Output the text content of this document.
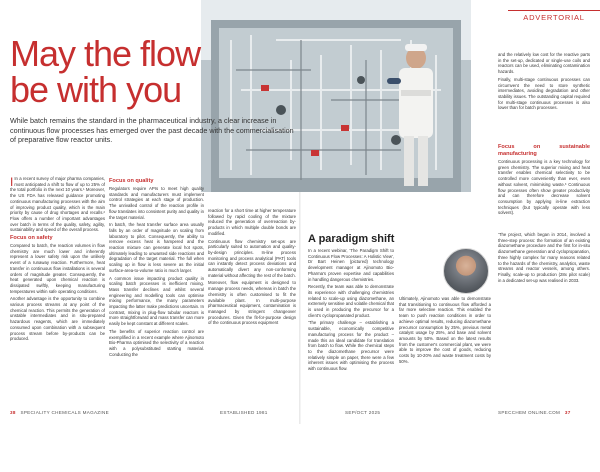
ADVERTORIAL
May the flow be with you

While batch remains the standard in the pharmaceutical industry, a clear increase in continuous flow processes has emerged over the past decade with the commercialisation of preparative flow reactor units.

I In a recent survey of major pharma companies, most anticipated a shift to flow of up to 25% of the total portfolio in the next 10 years.¹ Moreover, the US FDA has released guidance promoting continuous manufacturing processes with the aim of improving product quality, which is the main priority by cause of drug shortages and recalls.² Flow offers a number of important advantages over batch in terms of the quality, safety, agility, sustainability and speed of the overall process.

Focus on safety

Compared to batch, the reaction volumes in flow chemistry are much lower and inherently represent a lower safety risk upon the unlikely event of a runaway reaction. Furthermore, heat transfer in continuous flow installations is several orders of magnitude greater. Consequently, the heat generated upon chemical reaction is dissipated swiftly, keeping manufacturing temperatures within safe operating conditions.

Another advantage is the opportunity to combine various process streams at any point of the chemical reaction. This permits the generation of unstable intermediates and in situ-prepared hazardous reagents, which are immediately consumed upon combination with a subsequent process stream before by-products can be produced.

Focus on quality

Regulators require APIs to meet high quality standards and manufacturers must implement control strategies at each stage of production. The unrivalled control of the reaction profile in flow translates into consistent purity and quality in the target material.

In batch, the heat transfer surface area usually falls by an order of magnitude on scaling from laboratory to pilot. Consequently, the ability to remove excess heat is hampered and the reaction mixture can generate local hot spots, ultimately leading to unwanted side reactions and degradation of the target material. The full when scaling up in flow is less severe as the initial surface-area-to-volume ratio is much larger.

A common issue impacting product quality in scaling batch processes is inefficient mixing. Mass transfer declines and whilst several engineering and modelling tools can optimise mixing performance, the many parameters impacting the latter make predictions uncertain. In contrast, mixing in plug-flow tubular reactors is more straightforward and mass transfer can more easily be kept constant at different scales.

The benefits of superior reaction control are exemplified in a recent example where Ajinomoto Bio-Pharma optimised the selectivity of a reaction with a polysubstituted starting material. Conducting the

reaction for a short time at higher temperature followed by rapid cooling of the mixture reduced the generation of overreaction by-products in which multiple double bonds are modified.

Continuous flow chemistry set-ups are particularly suited to automation and quality-by-design principles. In-line process monitoring and process analytical (PAT) tools can instantly detect process deviations and automatically divert any non-conforming material without affecting the rest of the batch.

Moreover, flow equipment is designed to manage process needs, whereas in batch the chemistry is often customised to fit the available plant. In multi-purpose pharmaceutical equipment, contamination is managed by stringent changeover procedures. Given the fit-for-purpose design of the continuous process equipment

and the relatively low cost for the reactive parts in the set-up, dedicated or single-use coils and reactors can be used, eliminating contamination hazards.

Finally, multi-stage continuous processes can circumvent the need to store synthetic intermediates, avoiding degradation and other stability issues. The outstanding capital required for multi-stage continuous processes is also lower than for batch processes.

Focus on sustainable manufacturing

Continuous processing is a key technology for green chemistry. The superior mixing and heat transfer enables chemical selectivity to be controlled more conveniently than ever, even without solvent, minimising waste.³ Continuous flow processes often show greater productivity and can therefore decrease solvent consumption by applying in-line extraction techniques (but typically operate with less solvent).

A paradigm shift

In a recent webinar, 'The Paradigm Shift to Continuous Flow Processes: A Holistic View', Dr Bart Heinen (pictured) technology development manager at Ajinomoto Bio-Pharma's proven expertise and capabilities in handling dangerous chemistries.

Recently, the team was able to demonstrate its experience with challenging chemistries related to scale-up using diazomethane, an extremely sensitive and volatile chemical that is used in producing the precursor for a client's cyclopropanated product.

'The primary challenge – establishing a sustainable, economically competitive manufacturing process for the product – made this an ideal candidate for translation from batch to flow. While the chemical steps to the diazomethane precursor were relatively simple on paper, there were a few inherent issues with optimising the process with continuous flow.

Ultimately, Ajinomoto was able to demonstrate that transitioning to continuous flow afforded a far more selective reaction. This enabled the team to push reaction conditions in order to achieve optimal results, reducing diazomethane precursor consumption by 25%, previous metal catalyst usage by 25%, and base and solvent amounts by 50%. Based on the latest results from the customer's commercial plant, we were able to improve the cost of goods, reducing costs by 10-20% and waste treatment costs by 50%.

'The project, which began in 2014, involved a three-step process: the formation of an existing diazomethane procedure and the first for in-situ diazomethane generation and cyclopropanation, three highly complex for many reasons related to the hazards of the chemistry, analytics, waste streams and reactor vessels, among others. Finally, scale-up to production (28x pilot scale) in a dedicated set-up was realised in 2033.

38 SPECIALITY CHEMICALS MAGAZINE	ESTABLISHED 1981	SEP/OCT 2025	SPECCHEM ONLINE.COM 37
